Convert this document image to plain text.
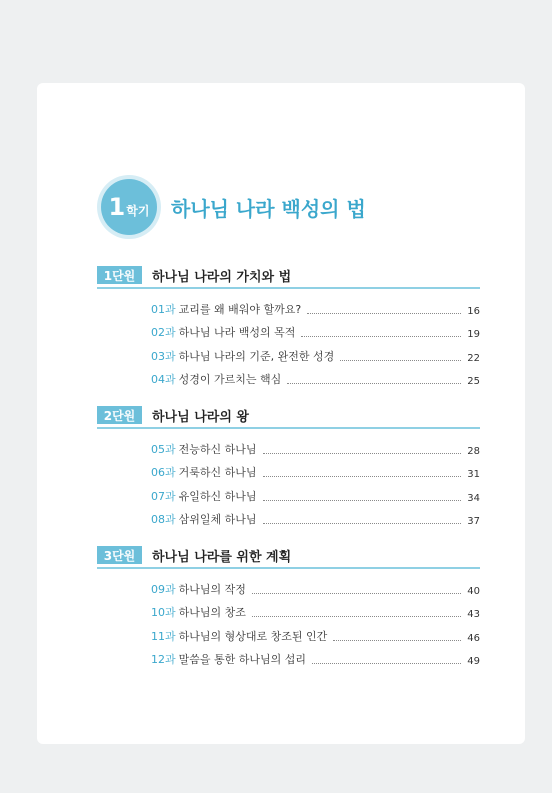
1 학기 하나님 나라 백성의 법
1단원	하나님 나라의 가치와 법
01과 교리를 왜 배워야 할까요?	16
02과 하나님 나라 백성의 목적	19
03과 하나님 나라의 기준, 완전한 성경	22
04과 성경이 가르치는 핵심	25
2단원	하나님 나라의 왕
05과 전능하신 하나님	28
06과 거룩하신 하나님	31
07과 유일하신 하나님	34
08과 삼위일체 하나님	37
3단원	하나님 나라를 위한 계획
09과 하나님의 작정	40
10과 하나님의 창조	43
11과 하나님의 형상대로 창조된 인간	46
12과 말씀을 통한 하나님의 섭리	49
